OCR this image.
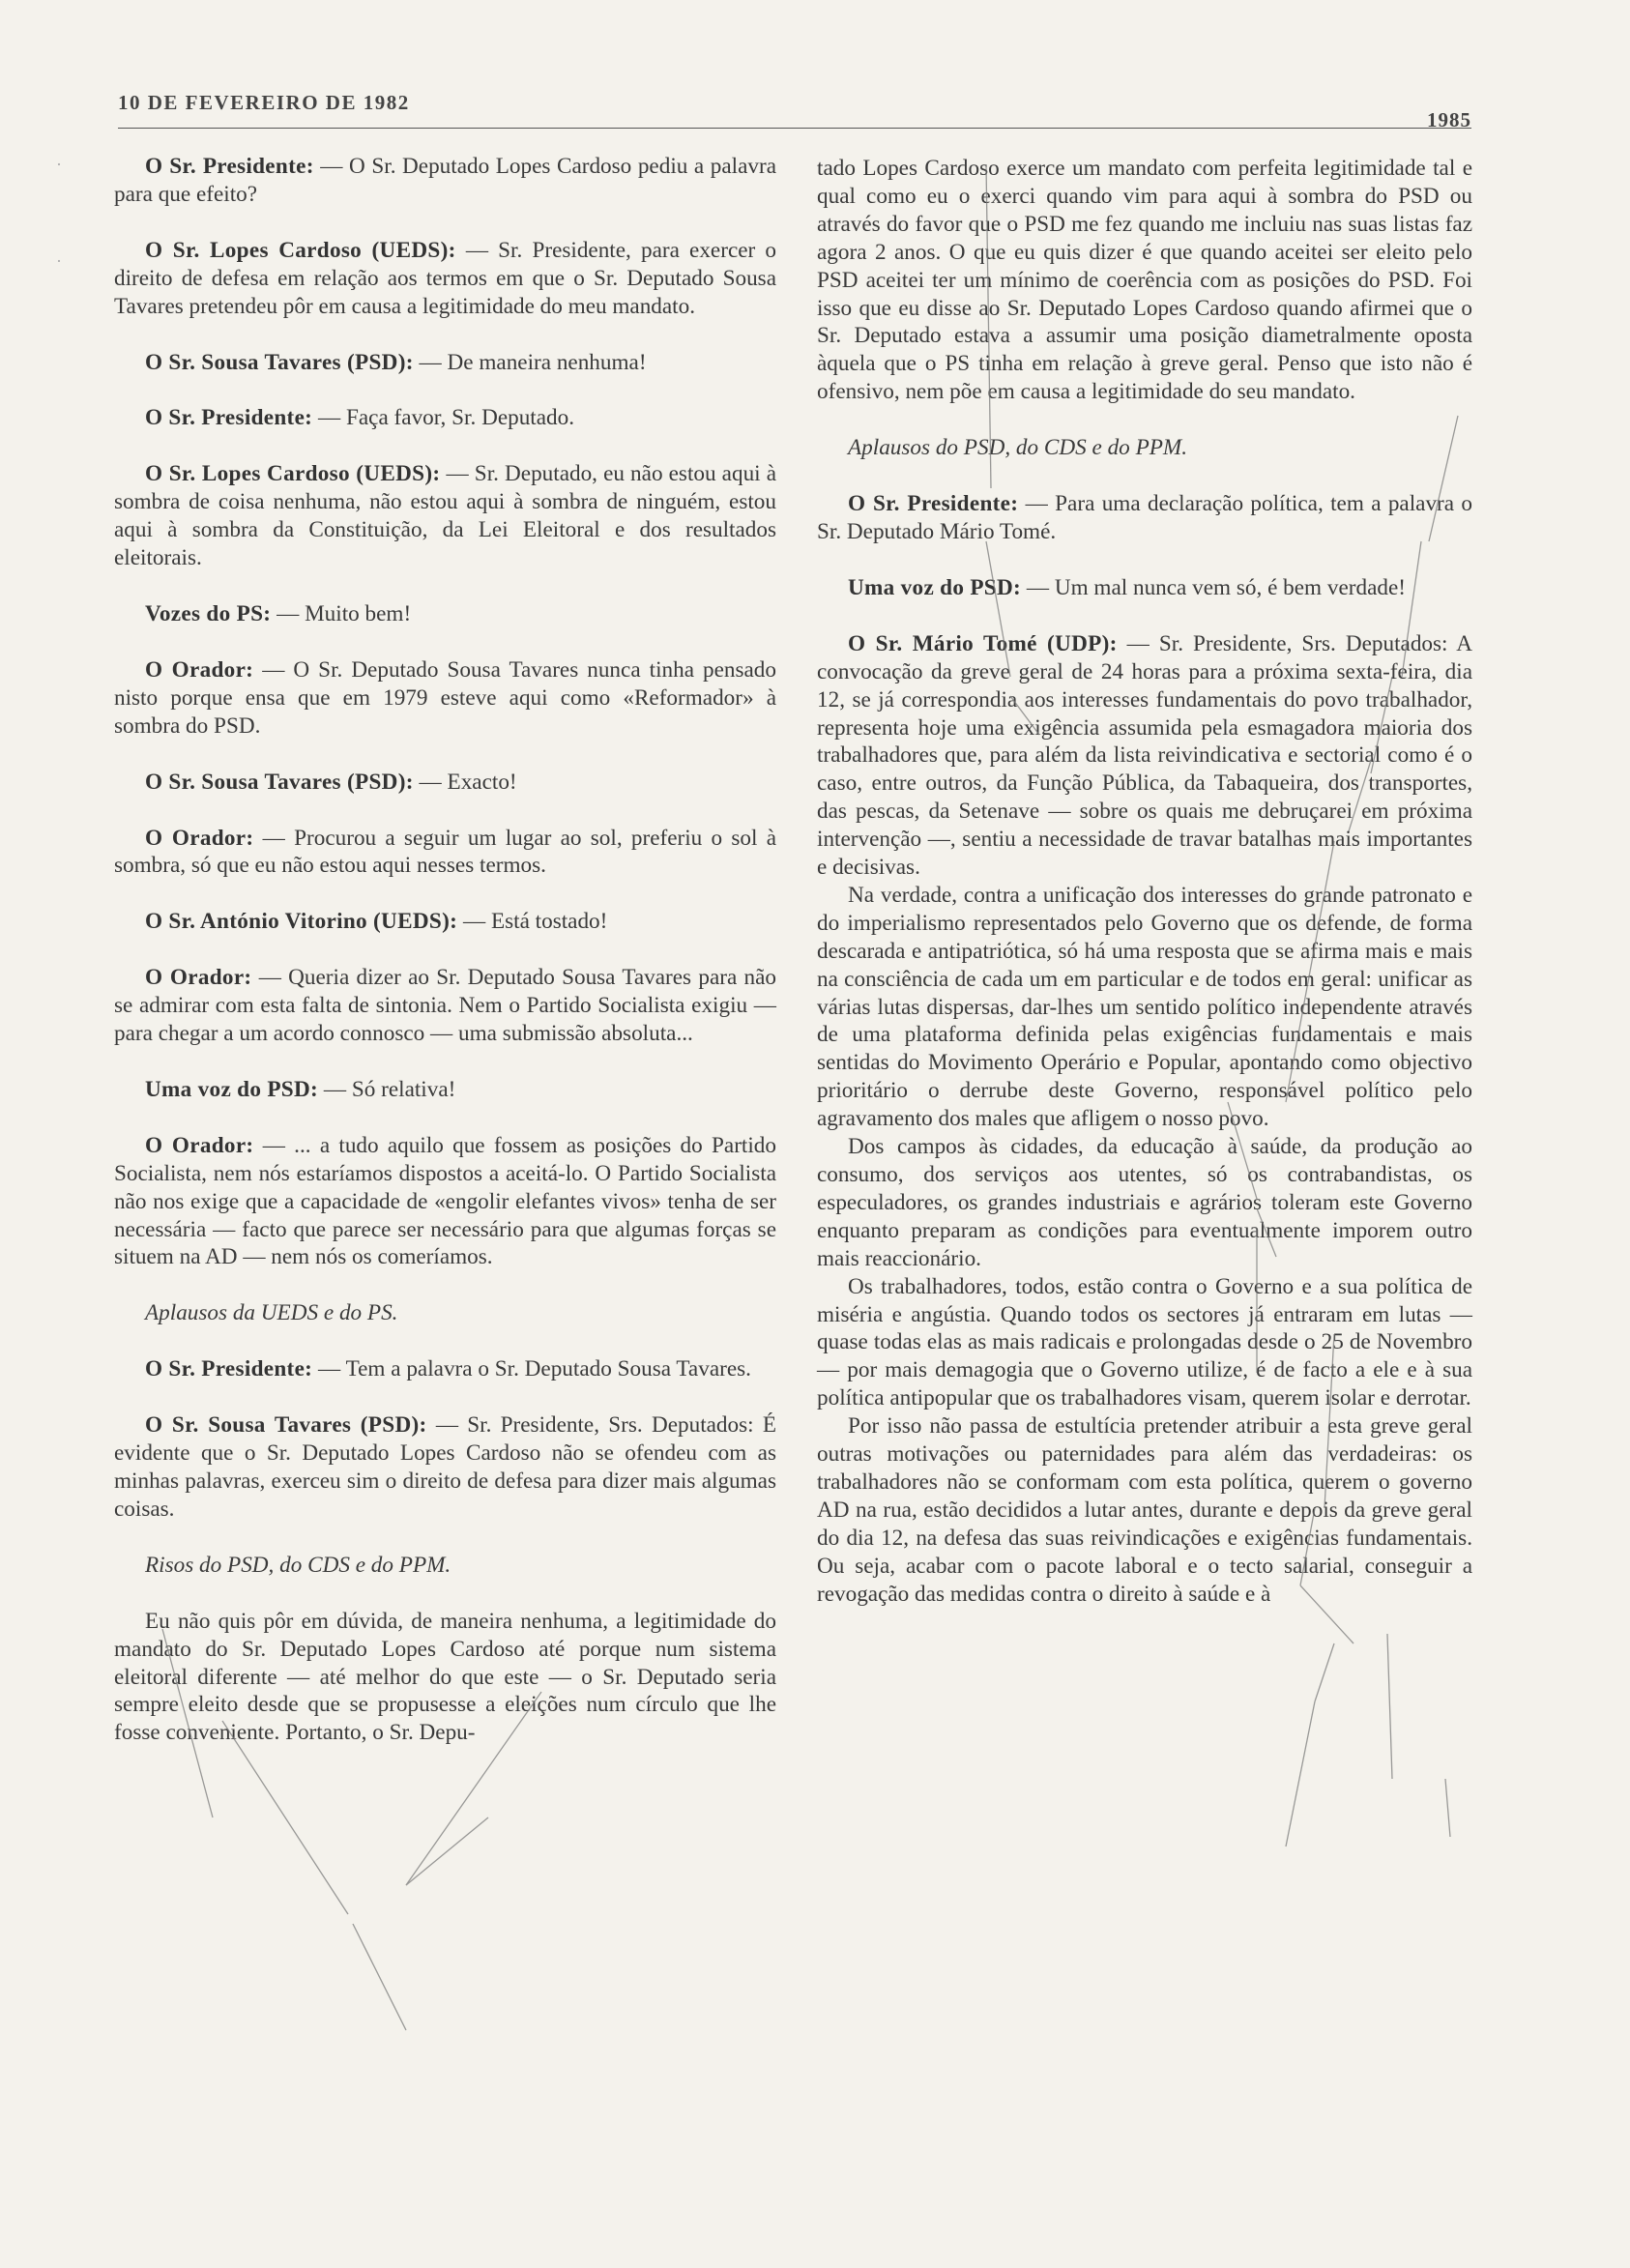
10 DE FEVEREIRO DE 1982
1985

O Sr. Presidente: — O Sr. Deputado Lopes Cardoso pediu a palavra para que efeito?

O Sr. Lopes Cardoso (UEDS): — Sr. Presidente, para exercer o direito de defesa em relação aos termos em que o Sr. Deputado Sousa Tavares pretendeu pôr em causa a legitimidade do meu mandato.

O Sr. Sousa Tavares (PSD): — De maneira nenhuma!

O Sr. Presidente: — Faça favor, Sr. Deputado.

O Sr. Lopes Cardoso (UEDS): — Sr. Deputado, eu não estou aqui à sombra de coisa nenhuma, não estou aqui à sombra de ninguém, estou aqui à sombra da Constituição, da Lei Eleitoral e dos resultados eleitorais.

Vozes do PS: — Muito bem!

O Orador: — O Sr. Deputado Sousa Tavares nunca tinha pensado nisto porque ensa que em 1979 esteve aqui como «Reformador» à sombra do PSD.

O Sr. Sousa Tavares (PSD): — Exacto!

O Orador: — Procurou a seguir um lugar ao sol, preferiu o sol à sombra, só que eu não estou aqui nesses termos.

O Sr. António Vitorino (UEDS): — Está tostado!

O Orador: — Queria dizer ao Sr. Deputado Sousa Tavares para não se admirar com esta falta de sintonia. Nem o Partido Socialista exigiu — para chegar a um acordo connosco — uma submissão absoluta...

Uma voz do PSD: — Só relativa!

O Orador: — ... a tudo aquilo que fossem as posições do Partido Socialista, nem nós estaríamos dispostos a aceitá-lo. O Partido Socialista não nos exige que a capacidade de «engolir elefantes vivos» tenha de ser necessária — facto que parece ser necessário para que algumas forças se situem na AD — nem nós os comeríamos.

Aplausos da UEDS e do PS.

O Sr. Presidente: — Tem a palavra o Sr. Deputado Sousa Tavares.

O Sr. Sousa Tavares (PSD): — Sr. Presidente, Srs. Deputados: É evidente que o Sr. Deputado Lopes Cardoso não se ofendeu com as minhas palavras, exerceu sim o direito de defesa para dizer mais algumas coisas.

Risos do PSD, do CDS e do PPM.

Eu não quis pôr em dúvida, de maneira nenhuma, a legitimidade do mandato do Sr. Deputado Lopes Cardoso até porque num sistema eleitoral diferente — até melhor do que este — o Sr. Deputado seria sempre eleito desde que se propusesse a eleições num círculo que lhe fosse conveniente. Portanto, o Sr. Depu-

tado Lopes Cardoso exerce um mandato com perfeita legitimidade tal e qual como eu o exerci quando vim para aqui à sombra do PSD ou através do favor que o PSD me fez quando me incluiu nas suas listas faz agora 2 anos. O que eu quis dizer é que quando aceitei ser eleito pelo PSD aceitei ter um mínimo de coerência com as posições do PSD. Foi isso que eu disse ao Sr. Deputado Lopes Cardoso quando afirmei que o Sr. Deputado estava a assumir uma posição diametralmente oposta àquela que o PS tinha em relação à greve geral. Penso que isto não é ofensivo, nem põe em causa a legitimidade do seu mandato.

Aplausos do PSD, do CDS e do PPM.

O Sr. Presidente: — Para uma declaração política, tem a palavra o Sr. Deputado Mário Tomé.

Uma voz do PSD: — Um mal nunca vem só, é bem verdade!

O Sr. Mário Tomé (UDP): — Sr. Presidente, Srs. Deputados: A convocação da greve geral de 24 horas para a próxima sexta-feira, dia 12, se já correspondia aos interesses fundamentais do povo trabalhador, representa hoje uma exigência assumida pela esmagadora maioria dos trabalhadores que, para além da lista reivindicativa e sectorial como é o caso, entre outros, da Função Pública, da Tabaqueira, dos transportes, das pescas, da Setenave — sobre os quais me debruçarei em próxima intervenção —, sentiu a necessidade de travar batalhas mais importantes e decisivas.

Na verdade, contra a unificação dos interesses do grande patronato e do imperialismo representados pelo Governo que os defende, de forma descarada e antipatriótica, só há uma resposta que se afirma mais e mais na consciência de cada um em particular e de todos em geral: unificar as várias lutas dispersas, dar-lhes um sentido político independente através de uma plataforma definida pelas exigências fundamentais e mais sentidas do Movimento Operário e Popular, apontando como objectivo prioritário o derrube deste Governo, responsável político pelo agravamento dos males que afligem o nosso povo.

Dos campos às cidades, da educação à saúde, da produção ao consumo, dos serviços aos utentes, só os contrabandistas, os especuladores, os grandes industriais e agrários toleram este Governo enquanto preparam as condições para eventualmente imporem outro mais reaccionário.

Os trabalhadores, todos, estão contra o Governo e a sua política de miséria e angústia. Quando todos os sectores já entraram em lutas — quase todas elas as mais radicais e prolongadas desde o 25 de Novembro — por mais demagogia que o Governo utilize, é de facto a ele e à sua política antipopular que os trabalhadores visam, querem isolar e derrotar.

Por isso não passa de estultícia pretender atribuir a esta greve geral outras motivações ou paternidades para além das verdadeiras: os trabalhadores não se conformam com esta política, querem o governo AD na rua, estão decididos a lutar antes, durante e depois da greve geral do dia 12, na defesa das suas reivindicações e exigências fundamentais. Ou seja, acabar com o pacote laboral e o tecto salarial, conseguir a revogação das medidas contra o direito à saúde e à

·
·
